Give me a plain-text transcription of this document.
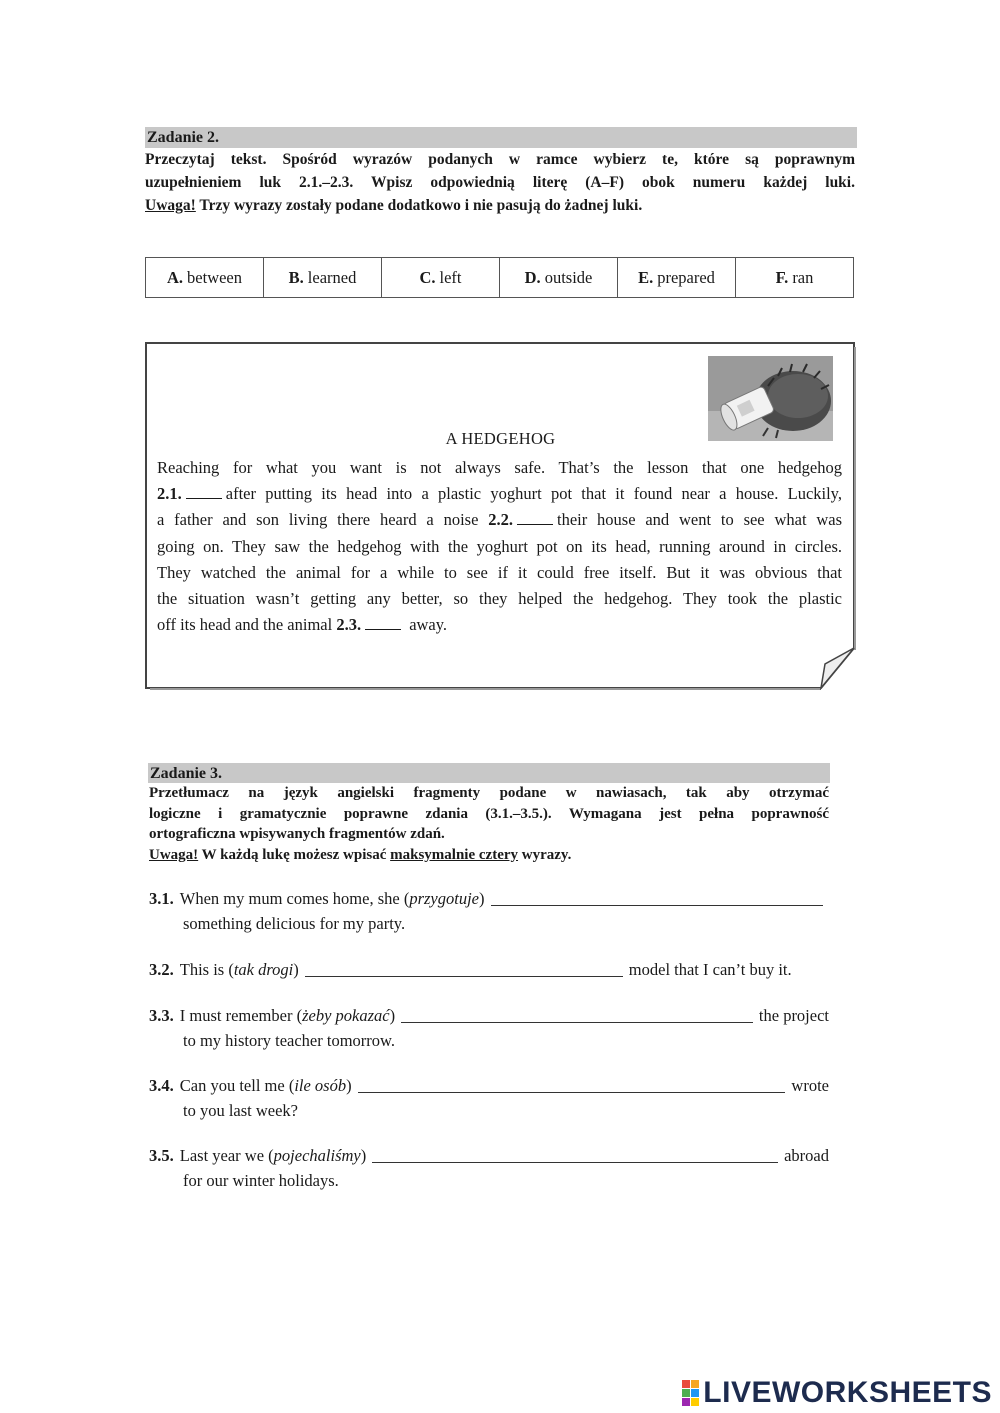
Zadanie 2.

Przeczytaj tekst. Spośród wyrazów podanych w ramce wybierz te, które są poprawnym

uzupełnieniem luk 2.1.–2.3. Wpisz odpowiednią literę (A–F) obok numeru każdej luki.

Uwaga! Trzy wyrazy zostały podane dodatkowo i nie pasują do żadnej luki.

A. between	B. learned	C. left	D. outside	E. prepared	F. ran
A HEDGEHOG
Reaching for what you want is not always safe. That’s the lesson that one hedgehog
2.1.	after putting its head into a plastic yoghurt pot that it found near a house. Luckily,
a father and son living there heard a noise 2.2.	their house and went to see what was
going on. They saw the hedgehog with the yoghurt pot on its head, running around in circles.
They watched the animal for a while to see if it could free itself. But it was obvious that
the situation wasn’t getting any better, so they helped the hedgehog. They took the plastic
off its head and the animal 2.3.	away.
Zadanie 3.

Przetłumacz na język angielski fragmenty podane w nawiasach, tak aby otrzymać

logiczne i gramatycznie poprawne zdania (3.1.–3.5.). Wymagana jest pełna poprawność

ortograficzna wpisywanych fragmentów zdań.

Uwaga! W każdą lukę możesz wpisać maksymalnie cztery wyrazy.

3.1. When my mum comes home, she ( przygotuje )
something delicious for my party.
3.2. This is ( tak drogi )	model that I can’t buy it.
3.3. I must remember ( żeby pokazać )	the project
to my history teacher tomorrow.
3.4. Can you tell me ( ile osób )	wrote
to you last week?
3.5. Last year we ( pojechaliśmy )	abroad
for our winter holidays.
LIVEWORKSHEETS
